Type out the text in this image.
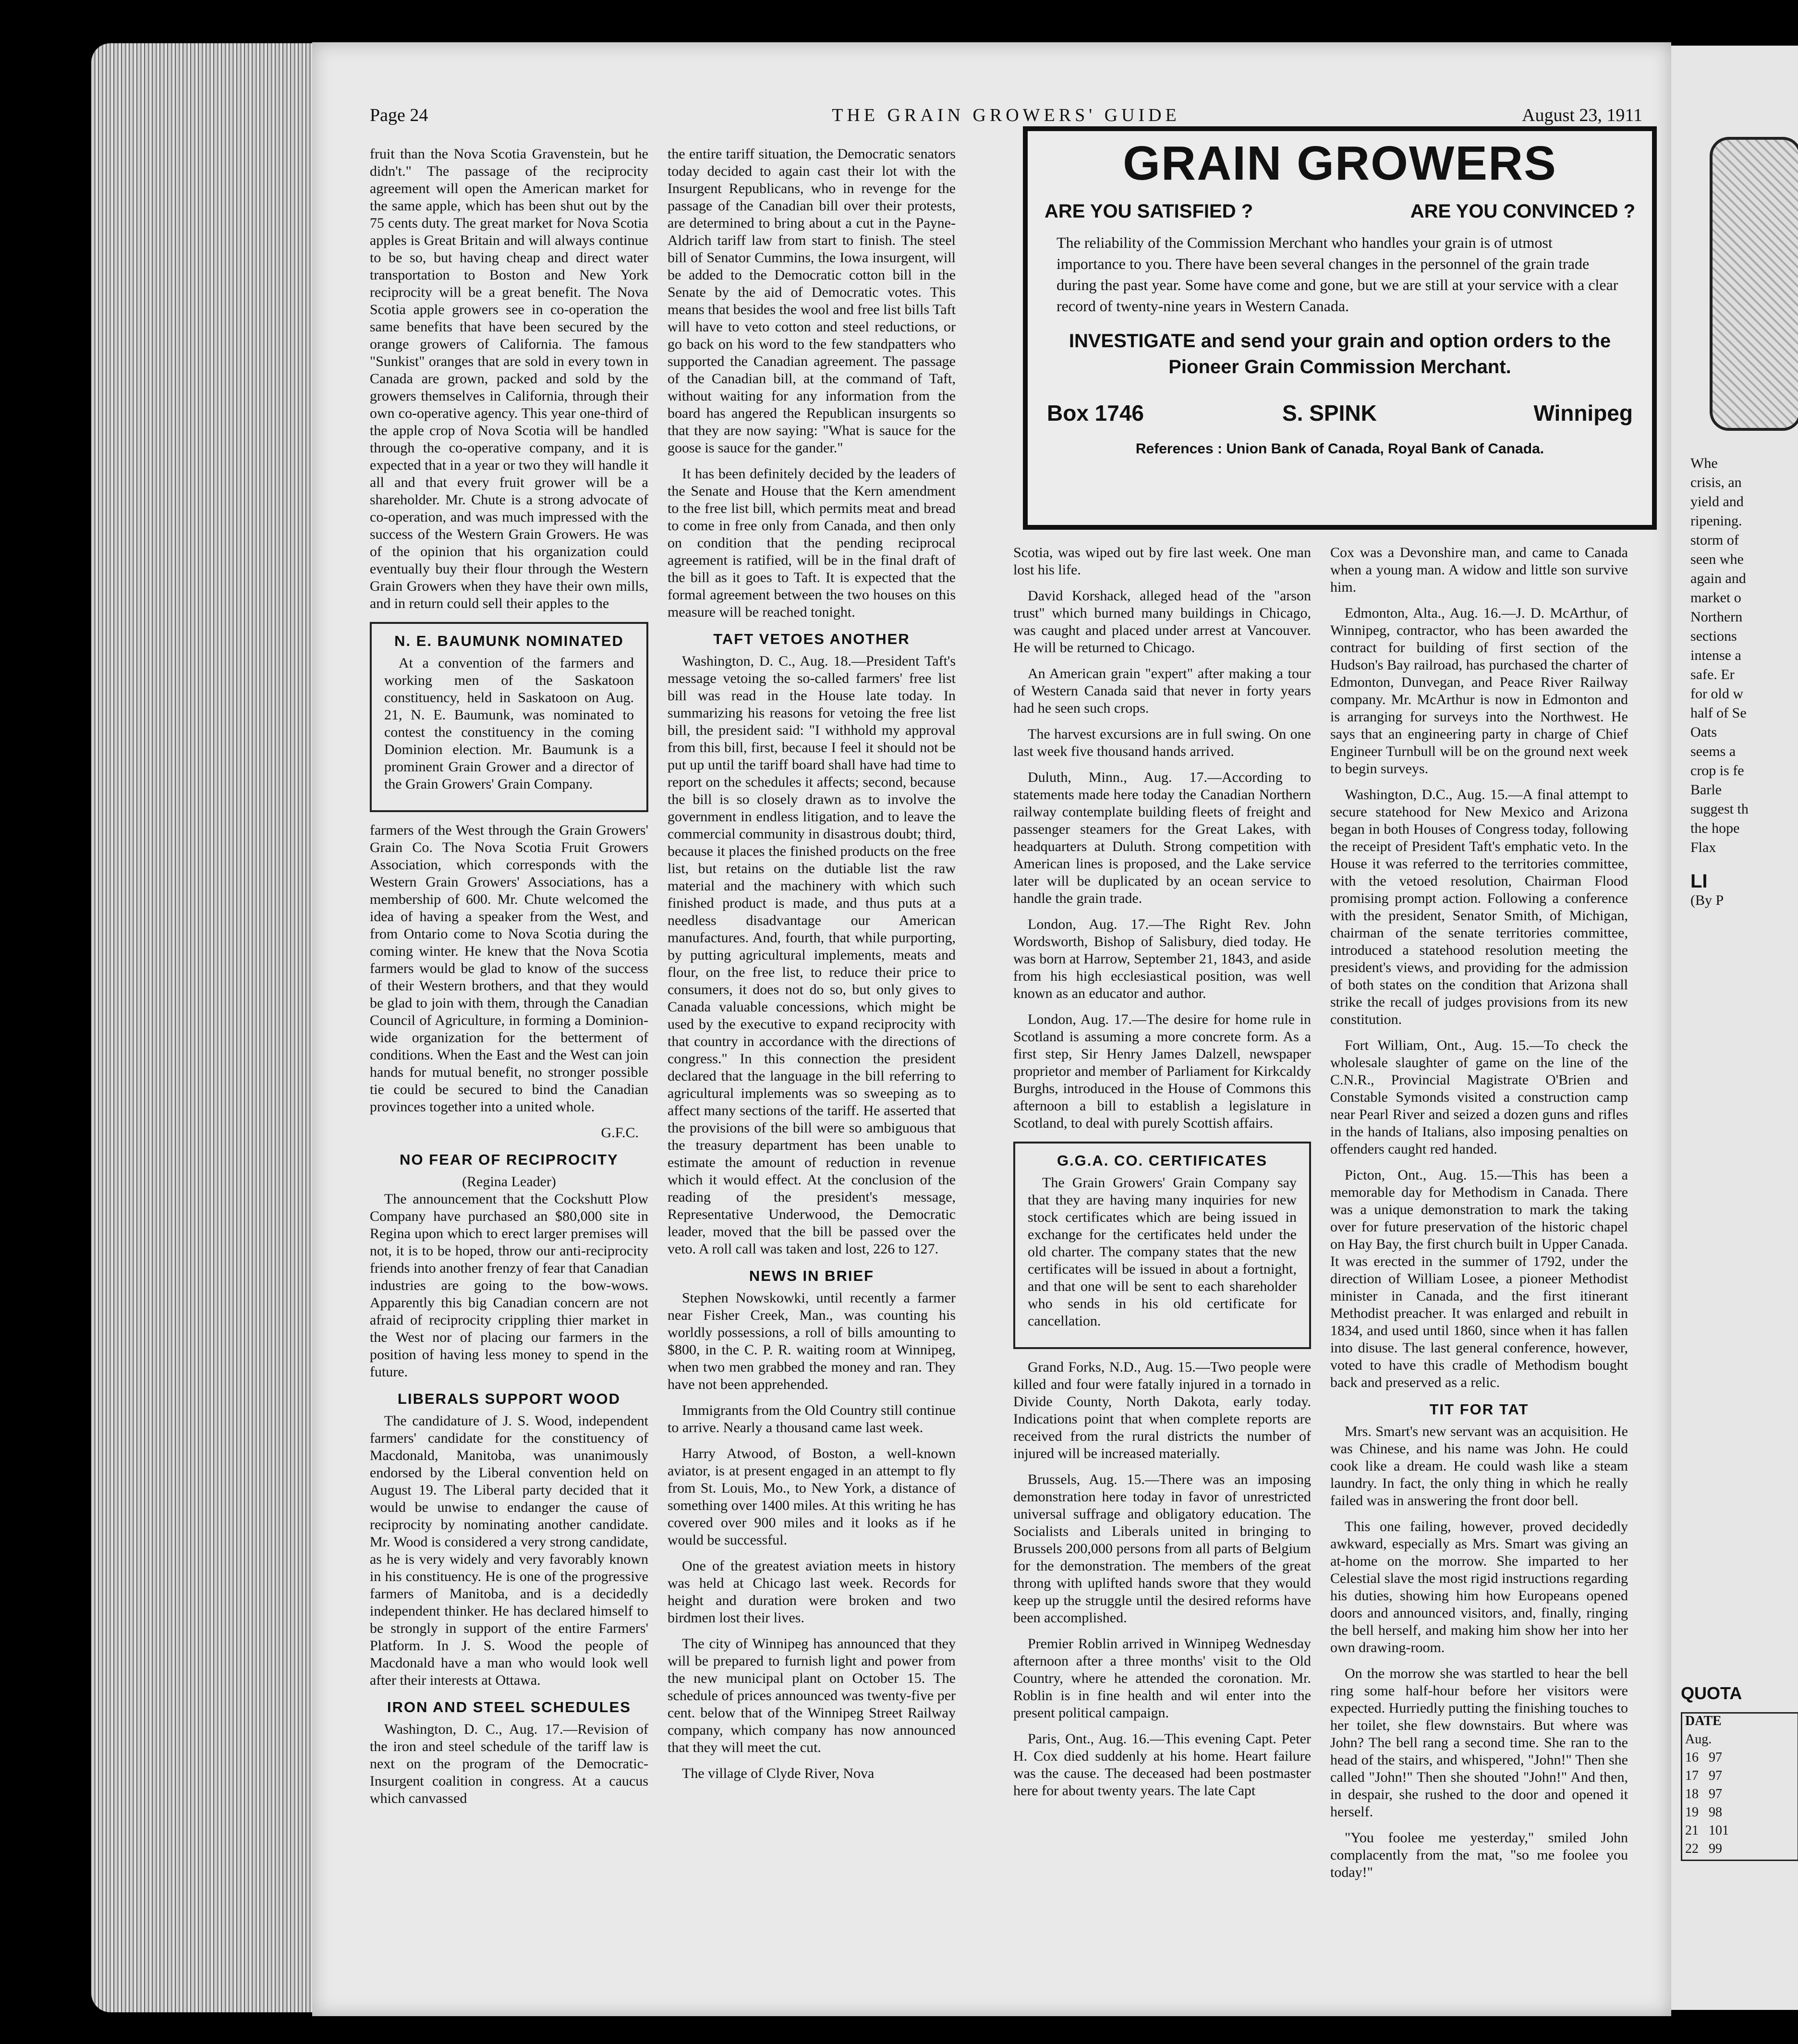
Page 24	THE GRAIN GROWERS' GUIDE	August 23, 1911

fruit than the Nova Scotia Gravenstein, but he didn't." The passage of the reciprocity agreement will open the American market for the same apple, which has been shut out by the 75 cents duty. The great market for Nova Scotia apples is Great Britain and will always continue to be so, but having cheap and direct water transportation to Boston and New York reciprocity will be a great benefit. The Nova Scotia apple growers see in co-operation the same benefits that have been secured by the orange growers of California. The famous "Sunkist" oranges that are sold in every town in Canada are grown, packed and sold by the growers themselves in California, through their own co-operative agency. This year one-third of the apple crop of Nova Scotia will be handled through the co-operative company, and it is expected that in a year or two they will handle it all and that every fruit grower will be a shareholder. Mr. Chute is a strong advocate of co-operation, and was much impressed with the success of the Western Grain Growers. He was of the opinion that his organization could eventually buy their flour through the Western Grain Growers when they have their own mills, and in return could sell their apples to the

N. E. BAUMUNK NOMINATED

At a convention of the farmers and working men of the Saskatoon constituency, held in Saskatoon on Aug. 21, N. E. Baumunk, was nominated to contest the constituency in the coming Dominion election. Mr. Baumunk is a prominent Grain Grower and a director of the Grain Growers' Grain Company.

farmers of the West through the Grain Growers' Grain Co. The Nova Scotia Fruit Growers Association, which corresponds with the Western Grain Growers' Associations, has a membership of 600. Mr. Chute welcomed the idea of having a speaker from the West, and from Ontario come to Nova Scotia during the coming winter. He knew that the Nova Scotia farmers would be glad to know of the success of their Western brothers, and that they would be glad to join with them, through the Canadian Council of Agriculture, in forming a Dominion-wide organization for the betterment of conditions. When the East and the West can join hands for mutual benefit, no stronger possible tie could be secured to bind the Canadian provinces together into a united whole.

G.F.C.
NO FEAR OF RECIPROCITY
(Regina Leader)

The announcement that the Cockshutt Plow Company have purchased an $80,000 site in Regina upon which to erect larger premises will not, it is to be hoped, throw our anti-reciprocity friends into another frenzy of fear that Canadian industries are going to the bow-wows. Apparently this big Canadian concern are not afraid of reciprocity crippling thier market in the West nor of placing our farmers in the position of having less money to spend in the future.

LIBERALS SUPPORT WOOD

The candidature of J. S. Wood, independent farmers' candidate for the constituency of Macdonald, Manitoba, was unanimously endorsed by the Liberal convention held on August 19. The Liberal party decided that it would be unwise to endanger the cause of reciprocity by nominating another candidate. Mr. Wood is considered a very strong candidate, as he is very widely and very favorably known in his constituency. He is one of the progressive farmers of Manitoba, and is a decidedly independent thinker. He has declared himself to be strongly in support of the entire Farmers' Platform. In J. S. Wood the people of Macdonald have a man who would look well after their interests at Ottawa.

IRON AND STEEL SCHEDULES

Washington, D. C., Aug. 17.—Revision of the iron and steel schedule of the tariff law is next on the program of the Democratic-Insurgent coalition in congress. At a caucus which canvassed

the entire tariff situation, the Democratic senators today decided to again cast their lot with the Insurgent Republicans, who in revenge for the passage of the Canadian bill over their protests, are determined to bring about a cut in the Payne-Aldrich tariff law from start to finish. The steel bill of Senator Cummins, the Iowa insurgent, will be added to the Democratic cotton bill in the Senate by the aid of Democratic votes. This means that besides the wool and free list bills Taft will have to veto cotton and steel reductions, or go back on his word to the few standpatters who supported the Canadian agreement. The passage of the Canadian bill, at the command of Taft, without waiting for any information from the board has angered the Republican insurgents so that they are now saying: "What is sauce for the goose is sauce for the gander."

It has been definitely decided by the leaders of the Senate and House that the Kern amendment to the free list bill, which permits meat and bread to come in free only from Canada, and then only on condition that the pending reciprocal agreement is ratified, will be in the final draft of the bill as it goes to Taft. It is expected that the formal agreement between the two houses on this measure will be reached tonight.

TAFT VETOES ANOTHER

Washington, D. C., Aug. 18.—President Taft's message vetoing the so-called farmers' free list bill was read in the House late today. In summarizing his reasons for vetoing the free list bill, the president said: "I withhold my approval from this bill, first, because I feel it should not be put up until the tariff board shall have had time to report on the schedules it affects; second, because the bill is so closely drawn as to involve the government in endless litigation, and to leave the commercial community in disastrous doubt; third, because it places the finished products on the free list, but retains on the dutiable list the raw material and the machinery with which such finished product is made, and thus puts at a needless disadvantage our American manufactures. And, fourth, that while purporting, by putting agricultural implements, meats and flour, on the free list, to reduce their price to consumers, it does not do so, but only gives to Canada valuable concessions, which might be used by the executive to expand reciprocity with that country in accordance with the directions of congress." In this connection the president declared that the language in the bill referring to agricultural implements was so sweeping as to affect many sections of the tariff. He asserted that the provisions of the bill were so ambiguous that the treasury department has been unable to estimate the amount of reduction in revenue which it would effect. At the conclusion of the reading of the president's message, Representative Underwood, the Democratic leader, moved that the bill be passed over the veto. A roll call was taken and lost, 226 to 127.

NEWS IN BRIEF

Stephen Nowskowki, until recently a farmer near Fisher Creek, Man., was counting his worldly possessions, a roll of bills amounting to $800, in the C. P. R. waiting room at Winnipeg, when two men grabbed the money and ran. They have not been apprehended.

Immigrants from the Old Country still continue to arrive. Nearly a thousand came last week.

Harry Atwood, of Boston, a well-known aviator, is at present engaged in an attempt to fly from St. Louis, Mo., to New York, a distance of something over 1400 miles. At this writing he has covered over 900 miles and it looks as if he would be successful.

One of the greatest aviation meets in history was held at Chicago last week. Records for height and duration were broken and two birdmen lost their lives.

The city of Winnipeg has announced that they will be prepared to furnish light and power from the new municipal plant on October 15. The schedule of prices announced was twenty-five per cent. below that of the Winnipeg Street Railway company, which company has now announced that they will meet the cut.

The village of Clyde River, Nova

GRAIN GROWERS
ARE YOU SATISFIED ?	ARE YOU CONVINCED ?
The reliability of the Commission Merchant who handles your grain is of utmost importance to you. There have been several changes in the personnel of the grain trade during the past year. Some have come and gone, but we are still at your service with a clear record of twenty-nine years in Western Canada.
INVESTIGATE and send your grain and option orders to the Pioneer Grain Commission Merchant.
Box 1746	S. SPINK	Winnipeg
References : Union Bank of Canada, Royal Bank of Canada.

Scotia, was wiped out by fire last week. One man lost his life.

David Korshack, alleged head of the "arson trust" which burned many buildings in Chicago, was caught and placed under arrest at Vancouver. He will be returned to Chicago.

An American grain "expert" after making a tour of Western Canada said that never in forty years had he seen such crops.

The harvest excursions are in full swing. On one last week five thousand hands arrived.

Duluth, Minn., Aug. 17.—According to statements made here today the Canadian Northern railway contemplate building fleets of freight and passenger steamers for the Great Lakes, with headquarters at Duluth. Strong competition with American lines is proposed, and the Lake service later will be duplicated by an ocean service to handle the grain trade.

London, Aug. 17.—The Right Rev. John Wordsworth, Bishop of Salisbury, died today. He was born at Harrow, September 21, 1843, and aside from his high ecclesiastical position, was well known as an educator and author.

London, Aug. 17.—The desire for home rule in Scotland is assuming a more concrete form. As a first step, Sir Henry James Dalzell, newspaper proprietor and member of Parliament for Kirkcaldy Burghs, introduced in the House of Commons this afternoon a bill to establish a legislature in Scotland, to deal with purely Scottish affairs.

G.G.A. CO. CERTIFICATES

The Grain Growers' Grain Company say that they are having many inquiries for new stock certificates which are being issued in exchange for the certificates held under the old charter. The company states that the new certificates will be issued in about a fortnight, and that one will be sent to each shareholder who sends in his old certificate for cancellation.

Grand Forks, N.D., Aug. 15.—Two people were killed and four were fatally injured in a tornado in Divide County, North Dakota, early today. Indications point that when complete reports are received from the rural districts the number of injured will be increased materially.

Brussels, Aug. 15.—There was an imposing demonstration here today in favor of unrestricted universal suffrage and obligatory education. The Socialists and Liberals united in bringing to Brussels 200,000 persons from all parts of Belgium for the demonstration. The members of the great throng with uplifted hands swore that they would keep up the struggle until the desired reforms have been accomplished.

Premier Roblin arrived in Winnipeg Wednesday afternoon after a three months' visit to the Old Country, where he attended the coronation. Mr. Roblin is in fine health and wil enter into the present political campaign.

Paris, Ont., Aug. 16.—This evening Capt. Peter H. Cox died suddenly at his home. Heart failure was the cause. The deceased had been postmaster here for about twenty years. The late Capt

Cox was a Devonshire man, and came to Canada when a young man. A widow and little son survive him.

Edmonton, Alta., Aug. 16.—J. D. McArthur, of Winnipeg, contractor, who has been awarded the contract for building of first section of the Hudson's Bay railroad, has purchased the charter of Edmonton, Dunvegan, and Peace River Railway company. Mr. McArthur is now in Edmonton and is arranging for surveys into the Northwest. He says that an engineering party in charge of Chief Engineer Turnbull will be on the ground next week to begin surveys.

Washington, D.C., Aug. 15.—A final attempt to secure statehood for New Mexico and Arizona began in both Houses of Congress today, following the receipt of President Taft's emphatic veto. In the House it was referred to the territories committee, with the vetoed resolution, Chairman Flood promising prompt action. Following a conference with the president, Senator Smith, of Michigan, chairman of the senate territories committee, introduced a statehood resolution meeting the president's views, and providing for the admission of both states on the condition that Arizona shall strike the recall of judges provisions from its new constitution.

Fort William, Ont., Aug. 15.—To check the wholesale slaughter of game on the line of the C.N.R., Provincial Magistrate O'Brien and Constable Symonds visited a construction camp near Pearl River and seized a dozen guns and rifles in the hands of Italians, also imposing penalties on offenders caught red handed.

Picton, Ont., Aug. 15.—This has been a memorable day for Methodism in Canada. There was a unique demonstration to mark the taking over for future preservation of the historic chapel on Hay Bay, the first church built in Upper Canada. It was erected in the summer of 1792, under the direction of William Losee, a pioneer Methodist minister in Canada, and the first itinerant Methodist preacher. It was enlarged and rebuilt in 1834, and used until 1860, since when it has fallen into disuse. The last general conference, however, voted to have this cradle of Methodism bought back and preserved as a relic.

TIT FOR TAT

Mrs. Smart's new servant was an acquisition. He was Chinese, and his name was John. He could cook like a dream. He could wash like a steam laundry. In fact, the only thing in which he really failed was in answering the front door bell.

This one failing, however, proved decidedly awkward, especially as Mrs. Smart was giving an at-home on the morrow. She imparted to her Celestial slave the most rigid instructions regarding his duties, showing him how Europeans opened doors and announced visitors, and, finally, ringing the bell herself, and making him show her into her own drawing-room.

On the morrow she was startled to hear the bell ring some half-hour before her visitors were expected. Hurriedly putting the finishing touches to her toilet, she flew downstairs. But where was John? The bell rang a second time. She ran to the head of the stairs, and whispered, "John!" Then she called "John!" Then she shouted "John!" And then, in despair, she rushed to the door and opened it herself.

"You foolee me yesterday," smiled John complacently from the mat, "so me foolee you today!"

Whe
crisis, an
yield and
ripening.
storm of
seen whe
again and
market o
Northern
sections
intense a
safe. Er
for old w
half of Se
Oats
seems a
crop is fe
Barle
suggest th
the hope
Flax
LI
(By P
QUOTA
DATE
Aug.
16 97
17 97
18 97
19 98
21 101
22 99
